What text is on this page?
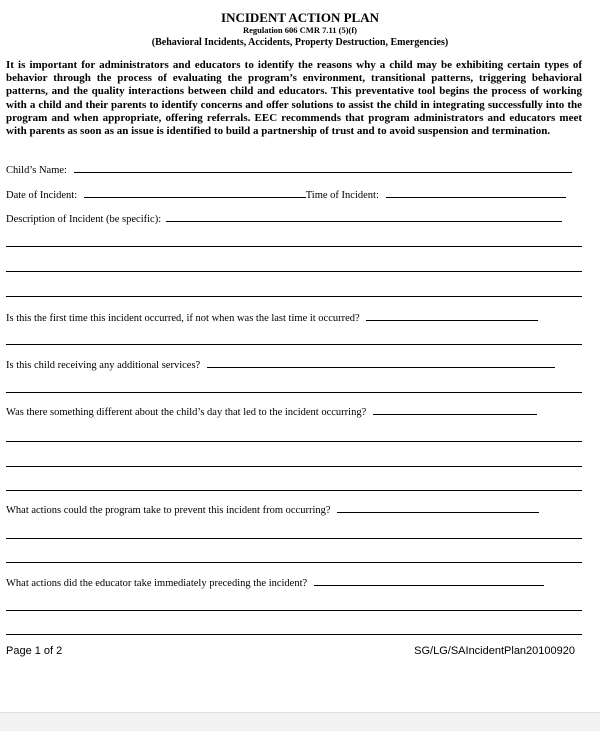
INCIDENT ACTION PLAN
Regulation 606 CMR 7.11 (5)(f)
(Behavioral Incidents, Accidents, Property Destruction, Emergencies)

It is important for administrators and educators to identify the reasons why a child may be exhibiting certain types of behavior through the process of evaluating the program’s environment, transitional patterns, triggering behavioral patterns, and the quality interactions between child and educators. This preventative tool begins the process of working with a child and their parents to identify concerns and offer solutions to assist the child in integrating successfully into the program and when appropriate, offering referrals. EEC recommends that program administrators and educators meet with parents as soon as an issue is identified to build a partnership of trust and to avoid suspension and termination.

Child’s Name:
Date of Incident:	Time of Incident:
Description of Incident (be specific):
Is this the first time this incident occurred, if not when was the last time it occurred?
Is this child receiving any additional services?
Was there something different about the child’s day that led to the incident occurring?
What actions could the program take to prevent this incident from occurring?
What actions did the educator take immediately preceding the incident?
Page 1 of 2	SG/LG/SAIncidentPlan20100920
